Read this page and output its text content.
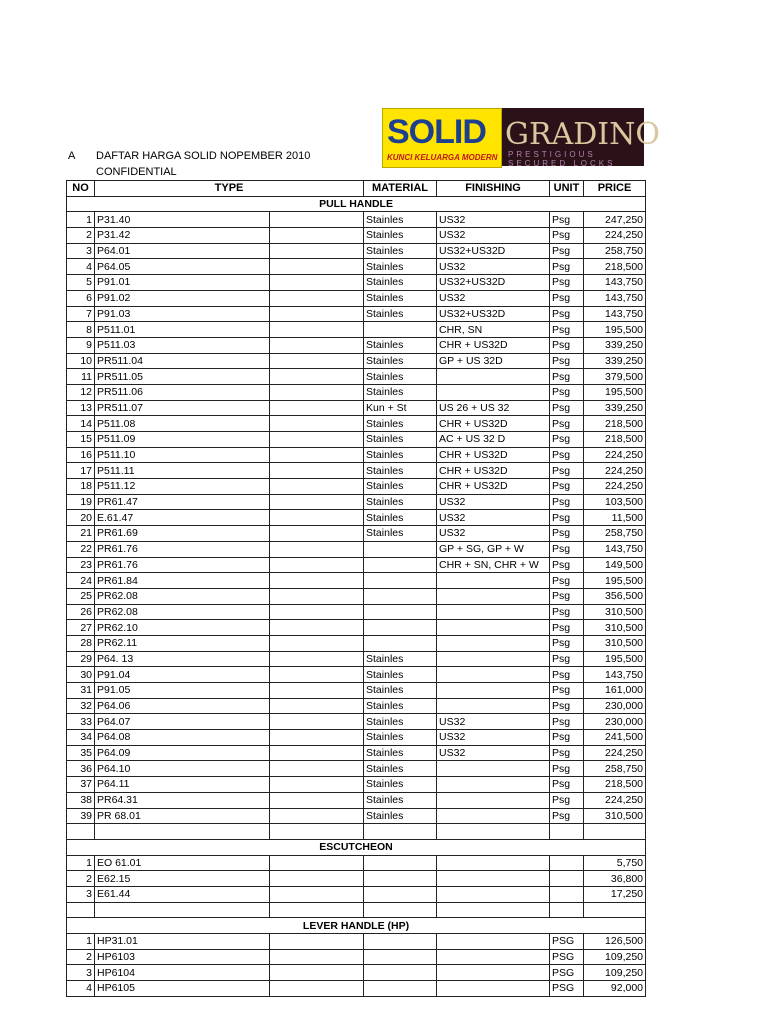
SOLID
KUNCI KELUARGA MODERN
GRADINO
PRESTIGIOUS SECURED LOCKS
A DAFTAR HARGA SOLID NOPEMBER 2010
CONFIDENTIAL
NO	TYPE		MATERIAL	FINISHING	UNIT	PRICE
PULL HANDLE						
1	P31.40		Stainles	US32	Psg	247,250
2	P31.42		Stainles	US32	Psg	224,250
3	P64.01		Stainles	US32+US32D	Psg	258,750
4	P64.05		Stainles	US32	Psg	218,500
5	P91.01		Stainles	US32+US32D	Psg	143,750
6	P91.02		Stainles	US32	Psg	143,750
7	P91.03		Stainles	US32+US32D	Psg	143,750
8	P511.01			CHR, SN	Psg	195,500
9	P511.03		Stainles	CHR + US32D	Psg	339,250
10	PR511.04		Stainles	GP + US 32D	Psg	339,250
11	PR511.05		Stainles		Psg	379,500
12	PR511.06		Stainles		Psg	195,500
13	PR511.07		Kun + St	US 26 + US 32	Psg	339,250
14	P511.08		Stainles	CHR + US32D	Psg	218,500
15	P511.09		Stainles	AC + US 32 D	Psg	218,500
16	P511.10		Stainles	CHR + US32D	Psg	224,250
17	P511.11		Stainles	CHR + US32D	Psg	224,250
18	P511.12		Stainles	CHR + US32D	Psg	224,250
19	PR61.47		Stainles	US32	Psg	103,500
20	E.61.47		Stainles	US32	Psg	11,500
21	PR61.69		Stainles	US32	Psg	258,750
22	PR61.76			GP + SG, GP + W	Psg	143,750
23	PR61.76			CHR + SN, CHR + W	Psg	149,500
24	PR61.84				Psg	195,500
25	PR62.08				Psg	356,500
26	PR62.08				Psg	310,500
27	PR62.10				Psg	310,500
28	PR62.11				Psg	310,500
29	P64. 13		Stainles		Psg	195,500
30	P91.04		Stainles		Psg	143,750
31	P91.05		Stainles		Psg	161,000
32	P64.06		Stainles		Psg	230,000
33	P64.07		Stainles	US32	Psg	230,000
34	P64.08		Stainles	US32	Psg	241,500
35	P64.09		Stainles	US32	Psg	224,250
36	P64.10		Stainles		Psg	258,750
37	P64.11		Stainles		Psg	218,500
38	PR64.31		Stainles		Psg	224,250
39	PR 68.01		Stainles		Psg	310,500

ESCUTCHEON						
1	EO 61.01					5,750
2	E62.15					36,800
3	E61.44					17,250

LEVER HANDLE (HP)						
1	HP31.01				PSG	126,500
2	HP6103				PSG	109,250
3	HP6104				PSG	109,250
4	HP6105				PSG	92,000
